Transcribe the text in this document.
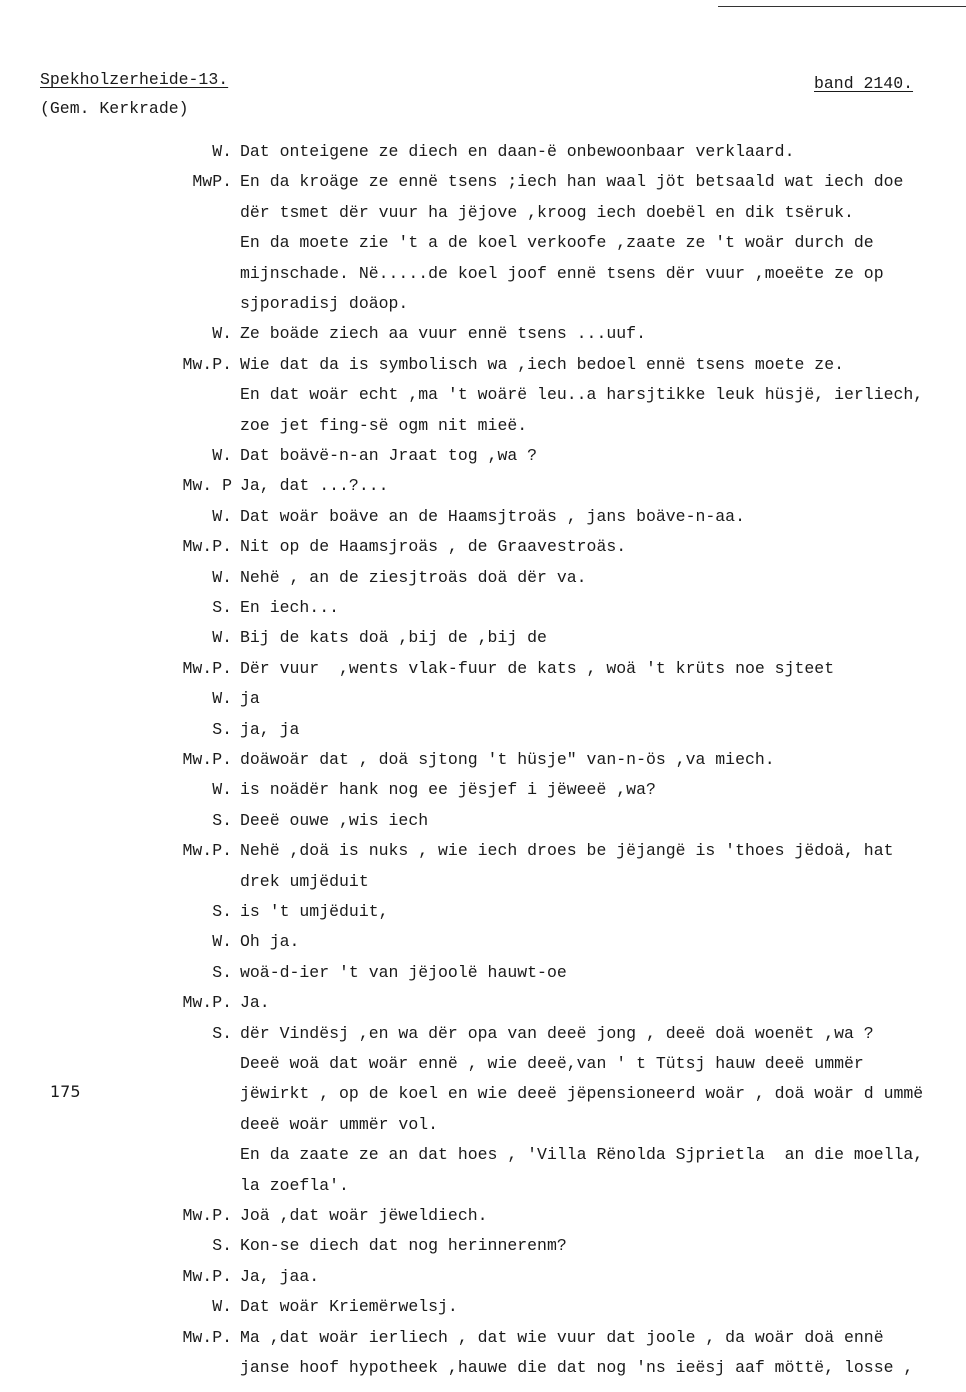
Spekholzerheide-13.
(Gem. Kerkrade)
band 2140.
175
W. Dat onteigene ze diech en daan-ë onbewoonbaar verklaard.
MwP. En da kroäge ze ennë tsens ;iech han waal jöt betsaald wat iech doe
dër tsmet dër vuur ha jëjove ,kroog iech doebël en dik tsëruk.
En da moete zie 't a de koel verkoofe ,zaate ze 't woär durch de
mijnschade. Në.....de koel joof ennë tsens dër vuur ,moeëte ze op
sjporadisj doäop.
W. Ze boäde ziech aa vuur ennë tsens ...uuf.
Mw.P. Wie dat da is symbolisch wa ,iech bedoel ennë tsens moete ze.
En dat woär echt ,ma 't woärë leu..a harsjtikke leuk hüsjë, ierliech,
zoe jet fing-së ogm nit mieë.
W. Dat boävë-n-an Jraat tog ,wa ?
Mw. P Ja, dat ...?...
W. Dat woär boäve an de Haamsjtroäs , jans boäve-n-aa.
Mw.P. Nit op de Haamsjroäs , de Graavestroäs.
W. Nehë , an de ziesjtroäs doä dër va.
S. En iech...
W. Bij de kats doä ,bij de ,bij de
Mw.P. Dër vuur  ,wents vlak-fuur de kats , woä 't krüts noe sjteet
W. ja
S. ja, ja
Mw.P. doäwoär dat , doä sjtong 't hüsje" van-n-ös ,va miech.
W. is noädër hank nog ee jësjef i jëweeë ,wa?
S. Deeë ouwe ,wis iech
Mw.P. Nehë ,doä is nuks , wie iech droes be jëjangë is 'thoes jëdoä, hat
drek umjëduit
S. is 't umjëduit,
W. Oh ja.
S. woä-d-ier 't van jëjoolë hauwt-oe
Mw.P. Ja.
S. dër Vindësj ,en wa dër opa van deeë jong , deeë doä woenët ,wa ?
Deeë woä dat woär ennë , wie deeë,van ' t Tütsj hauw deeë ummër
jëwirkt , op de koel en wie deeë jëpensioneerd woär , doä woär d ummë
deeë woär ummër vol.
En da zaate ze an dat hoes , 'Villa Rënolda Sjprietla  an die moella,
la zoefla'.
Mw.P. Joä ,dat woär jëweldiech.
S. Kon-se diech dat nog herinnerenm?
Mw.P. Ja, jaa.
W. Dat woär Kriemërwelsj.
Mw.P. Ma ,dat woär ierliech , dat wie vuur dat joole , da woär doä ennë
janse hoof hypotheek ,hauwe die dat nog 'ns ieësj aaf möttë, losse ,
